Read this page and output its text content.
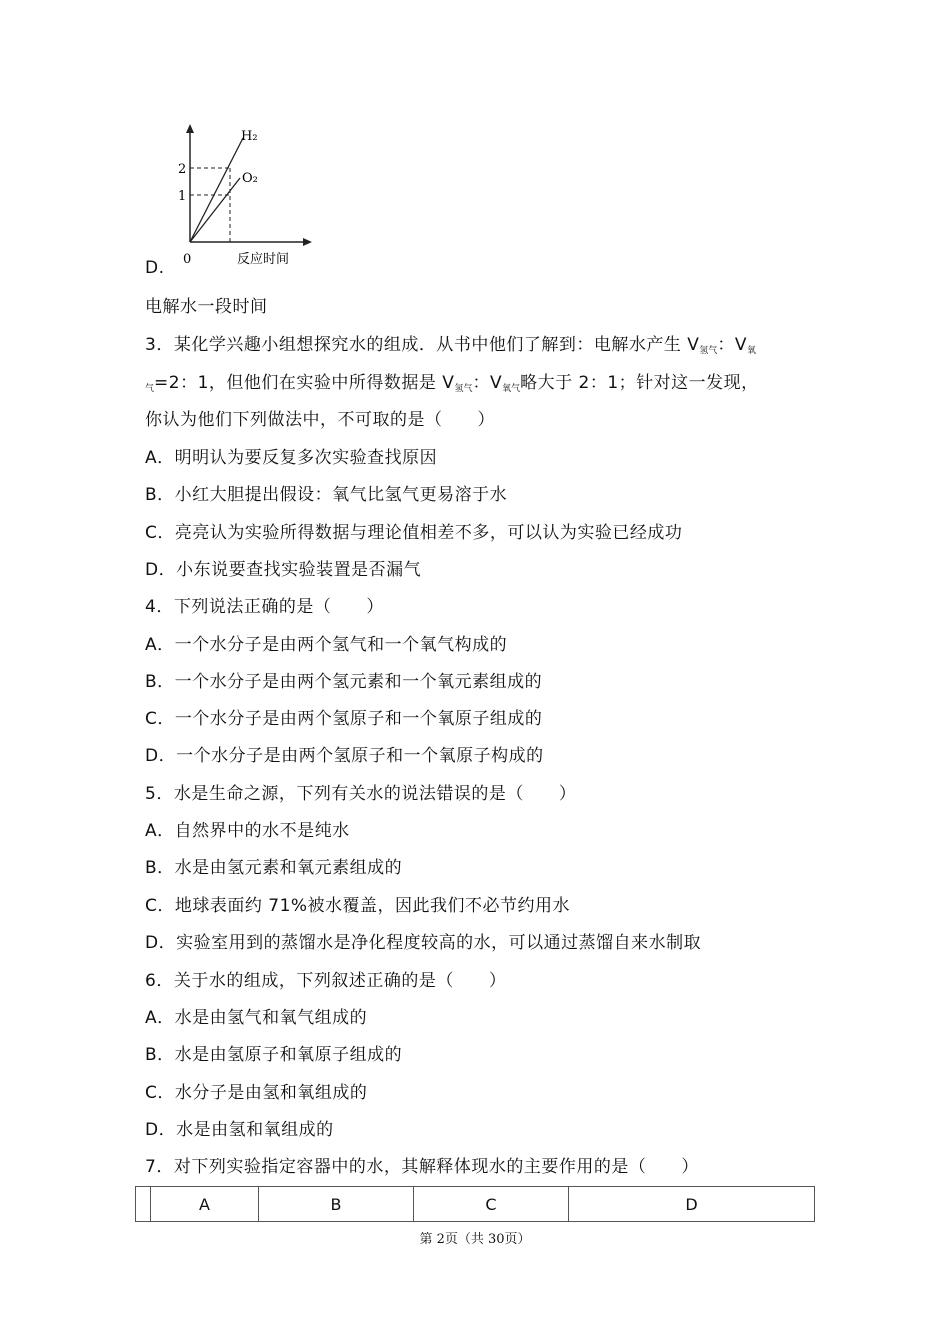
2
1
0	反应时间
H₂
O₂
D.
电解水一段时间
3．某化学兴趣小组想探究水的组成．从书中他们了解到：电解水产生 $V_{氢气}$：$V_氧$
$_气$=2：1，但他们在实验中所得数据是 $V_{氢气}$：$V_{氧气}$略大于 2：1；针对这一发现，
你认为他们下列做法中，不可取的是（　　）
A．明明认为要反复多次实验查找原因
B．小红大胆提出假设：氧气比氢气更易溶于水
C．亮亮认为实验所得数据与理论值相差不多，可以认为实验已经成功
D．小东说要查找实验装置是否漏气
4．下列说法正确的是（　　）
A．一个水分子是由两个氢气和一个氧气构成的
B．一个水分子是由两个氢元素和一个氧元素组成的
C．一个水分子是由两个氢原子和一个氧原子组成的
D．一个水分子是由两个氢原子和一个氧原子构成的
5．水是生命之源，下列有关水的说法错误的是（　　）
A．自然界中的水不是纯水
B．水是由氢元素和氧元素组成的
C．地球表面约 71%被水覆盖，因此我们不必节约用水
D．实验室用到的蒸馏水是净化程度较高的水，可以通过蒸馏自来水制取
6．关于水的组成，下列叙述正确的是（　　）
A．水是由氢气和氧气组成的
B．水是由氢原子和氧原子组成的
C．水分子是由氢和氧组成的
D．水是由氢和氧组成的
7．对下列实验指定容器中的水，其解释体现水的主要作用的是（　　）
	A	B	C	D
第 2页（共 30页）
